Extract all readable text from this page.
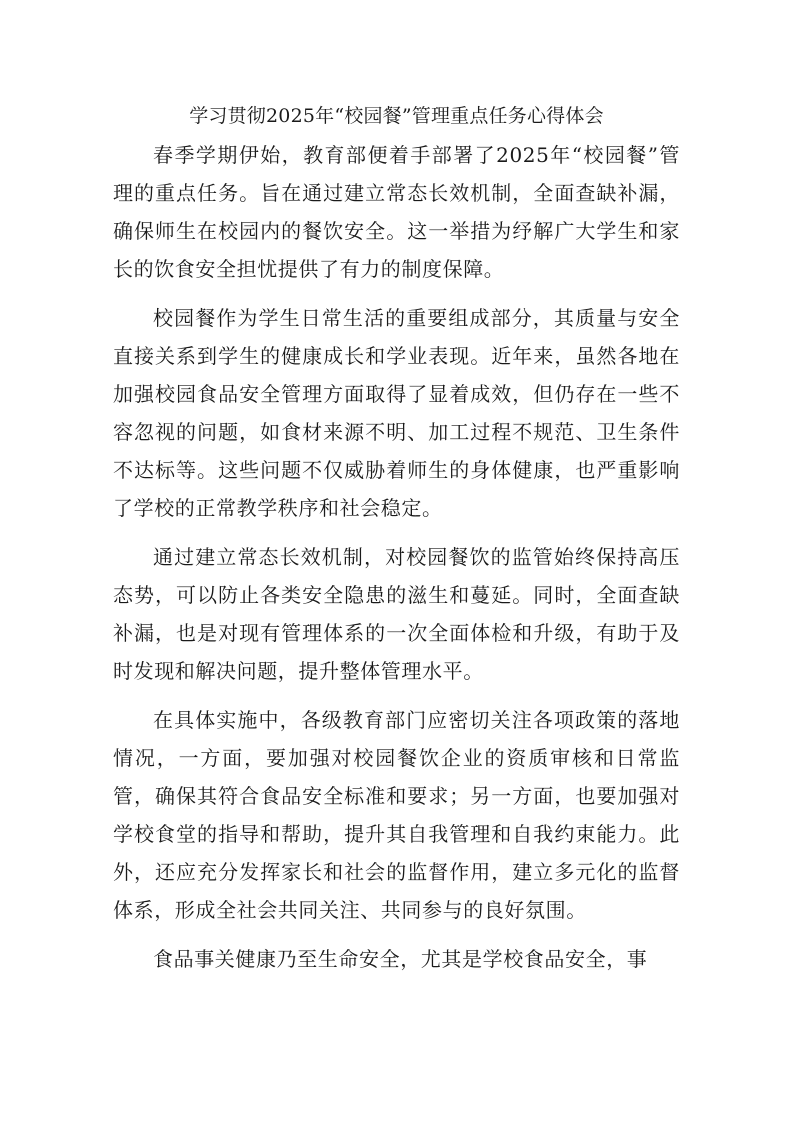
学习贯彻2025年“校园餐”管理重点任务心得体会

春季学期伊始，教育部便着手部署了2025年“校园餐”管理的重点任务。旨在通过建立常态长效机制，全面查缺补漏，确保师生在校园内的餐饮安全。这一举措为纾解广大学生和家长的饮食安全担忧提供了有力的制度保障。

校园餐作为学生日常生活的重要组成部分，其质量与安全直接关系到学生的健康成长和学业表现。近年来，虽然各地在加强校园食品安全管理方面取得了显着成效，但仍存在一些不容忽视的问题，如食材来源不明、加工过程不规范、卫生条件不达标等。这些问题不仅威胁着师生的身体健康，也严重影响了学校的正常教学秩序和社会稳定。

通过建立常态长效机制，对校园餐饮的监管始终保持高压态势，可以防止各类安全隐患的滋生和蔓延。同时，全面查缺补漏，也是对现有管理体系的一次全面体检和升级，有助于及时发现和解决问题，提升整体管理水平。

在具体实施中，各级教育部门应密切关注各项政策的落地情况，一方面，要加强对校园餐饮企业的资质审核和日常监管，确保其符合食品安全标准和要求；另一方面，也要加强对学校食堂的指导和帮助，提升其自我管理和自我约束能力。此外，还应充分发挥家长和社会的监督作用，建立多元化的监督体系，形成全社会共同关注、共同参与的良好氛围。

食品事关健康乃至生命安全，尤其是学校食品安全，事
